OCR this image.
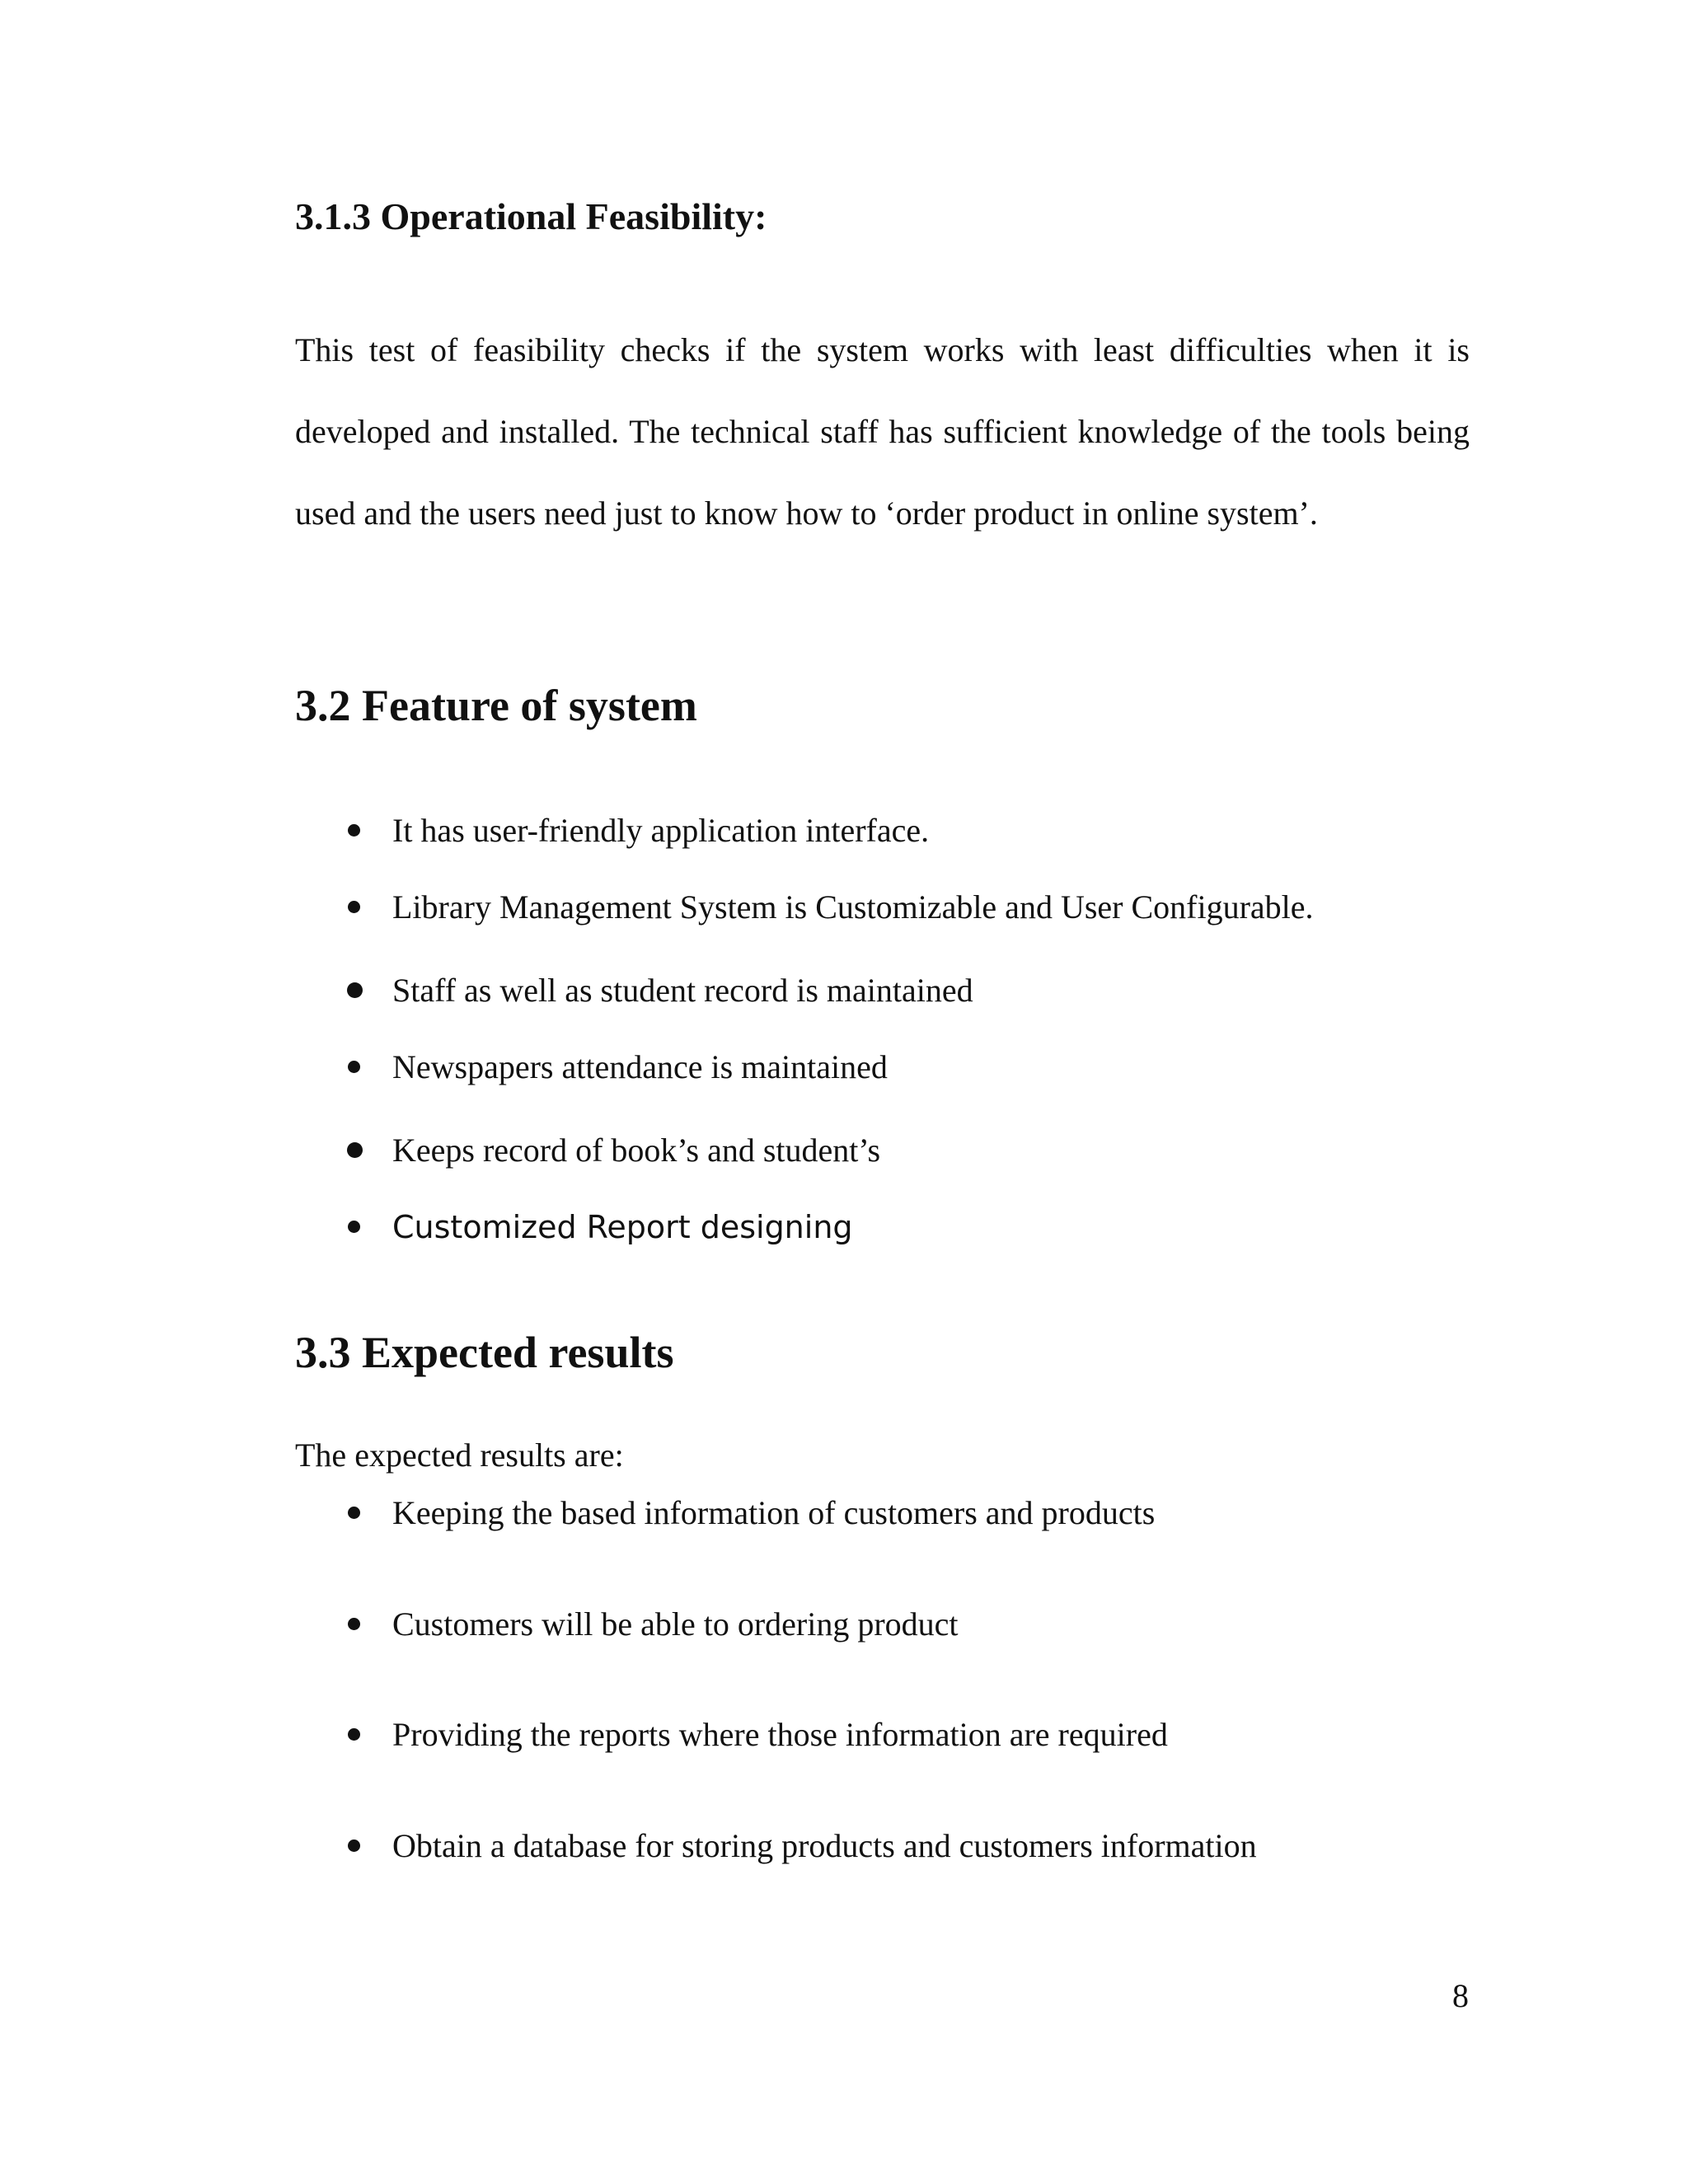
3.1.3 Operational Feasibility:

This test of feasibility checks if the system works with least difficulties when it is developed and installed. The technical staff has sufficient knowledge of the tools being used and the users need just to know how to ‘order product in online system’.

3.2 Feature of system
It has user-friendly application interface.
Library Management System is Customizable and User Configurable.
Staff as well as student record is maintained
Newspapers attendance is maintained
Keeps record of book’s and student’s
Customized Report designing
3.3 Expected results

The expected results are:

Keeping the based information of customers and products
Customers will be able to ordering product
Providing the reports where those information are required
Obtain a database for storing products and customers information
8
